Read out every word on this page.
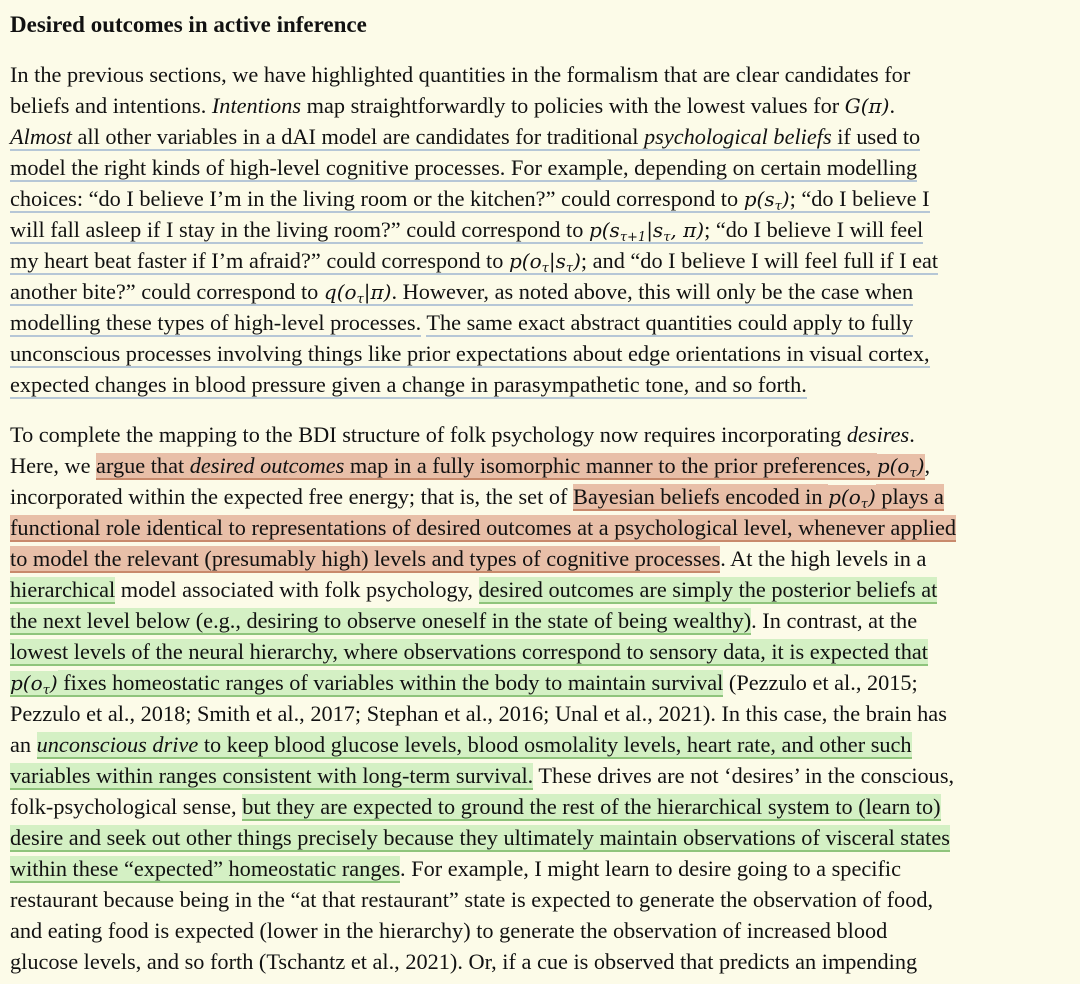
Desired outcomes in active inference
In the previous sections, we have highlighted quantities in the formalism that are clear candidates for
beliefs and intentions. Intentions map straightforwardly to policies with the lowest values for G(π).
Almost all other variables in a dAI model are candidates for traditional psychological beliefs if used to
model the right kinds of high-level cognitive processes. For example, depending on certain modelling
choices: “do I believe I’m in the living room or the kitchen?” could correspond to $p(s_\tau)$; “do I believe I
will fall asleep if I stay in the living room?” could correspond to $p(s_{\tau+1}|s_\tau$, π); “do I believe I will feel
my heart beat faster if I’m afraid?” could correspond to $p(o_\tau|s_\tau)$; and “do I believe I will feel full if I eat
another bite?” could correspond to $q(o_\tau|\pi)$. However, as noted above, this will only be the case when
modelling these types of high-level processes. The same exact abstract quantities could apply to fully
unconscious processes involving things like prior expectations about edge orientations in visual cortex,
expected changes in blood pressure given a change in parasympathetic tone, and so forth.
To complete the mapping to the BDI structure of folk psychology now requires incorporating desires.
Here, we argue that desired outcomes map in a fully isomorphic manner to the prior preferences, $p(o_\tau)$,
incorporated within the expected free energy; that is, the set of Bayesian beliefs encoded in $p(o_\tau)$ plays a
functional role identical to representations of desired outcomes at a psychological level, whenever applied
to model the relevant (presumably high) levels and types of cognitive processes. At the high levels in a
hierarchical model associated with folk psychology, desired outcomes are simply the posterior beliefs at
the next level below (e.g., desiring to observe oneself in the state of being wealthy). In contrast, at the
lowest levels of the neural hierarchy, where observations correspond to sensory data, it is expected that
$p(o_\tau)$ fixes homeostatic ranges of variables within the body to maintain survival (Pezzulo et al., 2015;
Pezzulo et al., 2018; Smith et al., 2017; Stephan et al., 2016; Unal et al., 2021). In this case, the brain has
an unconscious drive to keep blood glucose levels, blood osmolality levels, heart rate, and other such
variables within ranges consistent with long-term survival. These drives are not ‘desires’ in the conscious,
folk-psychological sense, but they are expected to ground the rest of the hierarchical system to (learn to)
desire and seek out other things precisely because they ultimately maintain observations of visceral states
within these “expected” homeostatic ranges. For example, I might learn to desire going to a specific
restaurant because being in the “at that restaurant” state is expected to generate the observation of food,
and eating food is expected (lower in the hierarchy) to generate the observation of increased blood
glucose levels, and so forth (Tschantz et al., 2021). Or, if a cue is observed that predicts an impending
